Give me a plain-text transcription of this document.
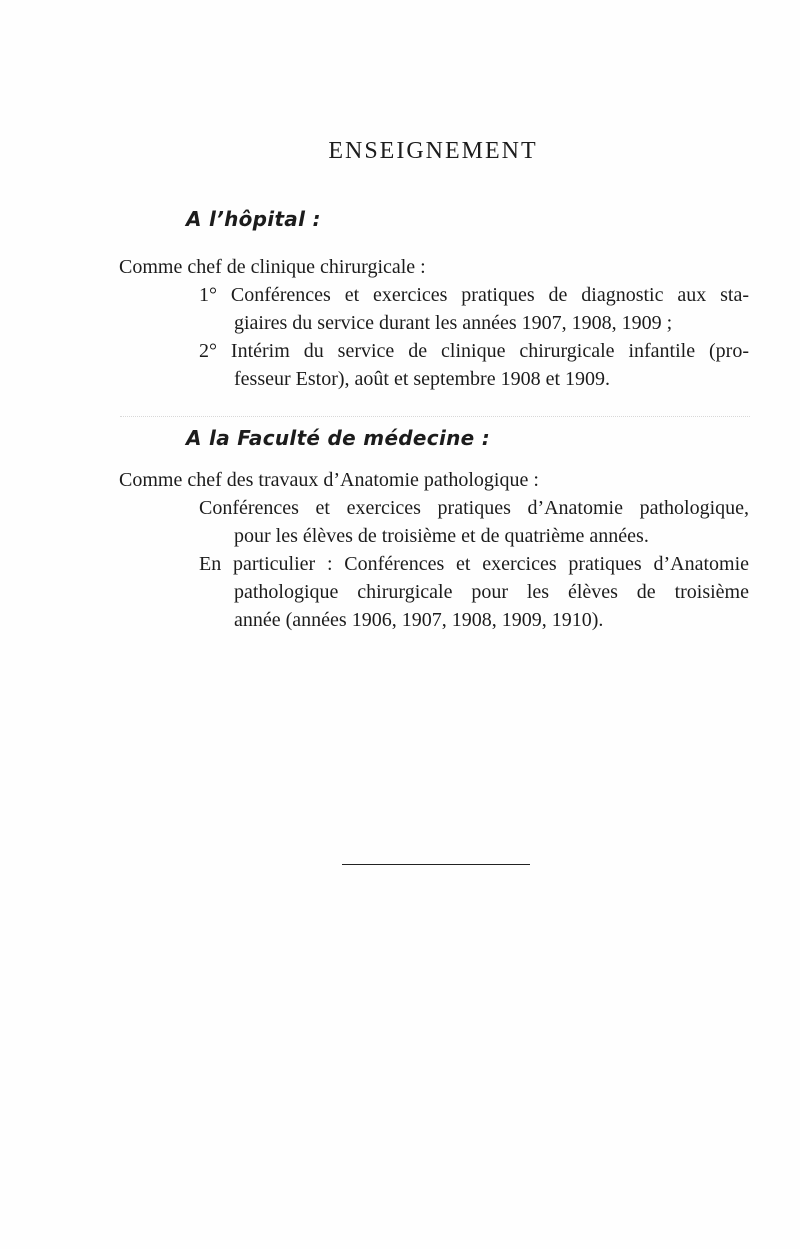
ENSEIGNEMENT
A l’hôpital :
Comme chef de clinique chirurgicale :
1° Conférences et exercices pratiques de diagnostic aux sta-
giaires du service durant les années 1907, 1908, 1909 ;
2° Intérim du service de clinique chirurgicale infantile (pro-
fesseur Estor), août et septembre 1908 et 1909.
A la Faculté de médecine :
Comme chef des travaux d’Anatomie pathologique :
Conférences et exercices pratiques d’Anatomie pathologique,
pour les élèves de troisième et de quatrième années.
En particulier : Conférences et exercices pratiques d’Anatomie
pathologique chirurgicale pour les élèves de troisième
année (années 1906, 1907, 1908, 1909, 1910).
